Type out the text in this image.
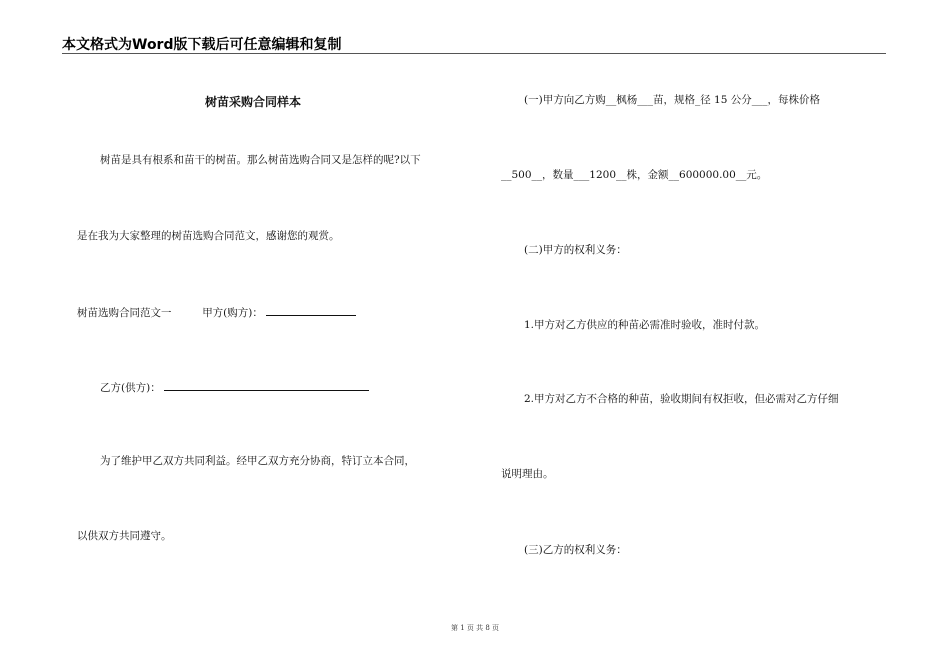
本文格式为Word版下载后可任意编辑和复制
树苗采购合同样本
树苗是具有根系和苗干的树苗。那么树苗选购合同又是怎样的呢?以下
是在我为大家整理的树苗选购合同范文，感谢您的观赏。
树苗选购合同范文一	甲方(购方)：
乙方(供方)：
为了维护甲乙双方共同利益。经甲乙双方充分协商，特订立本合同，
以供双方共同遵守。
(一)甲方向乙方购__枫杨___苗，规格_径 15 公分___，每株价格
__500__，数量___1200__株，金额__600000.00__元。
(二)甲方的权利义务：
1.甲方对乙方供应的种苗必需准时验收，准时付款。
2.甲方对乙方不合格的种苗，验收期间有权拒收，但必需对乙方仔细
说明理由。
(三)乙方的权利义务：
第 1 页 共 8 页
